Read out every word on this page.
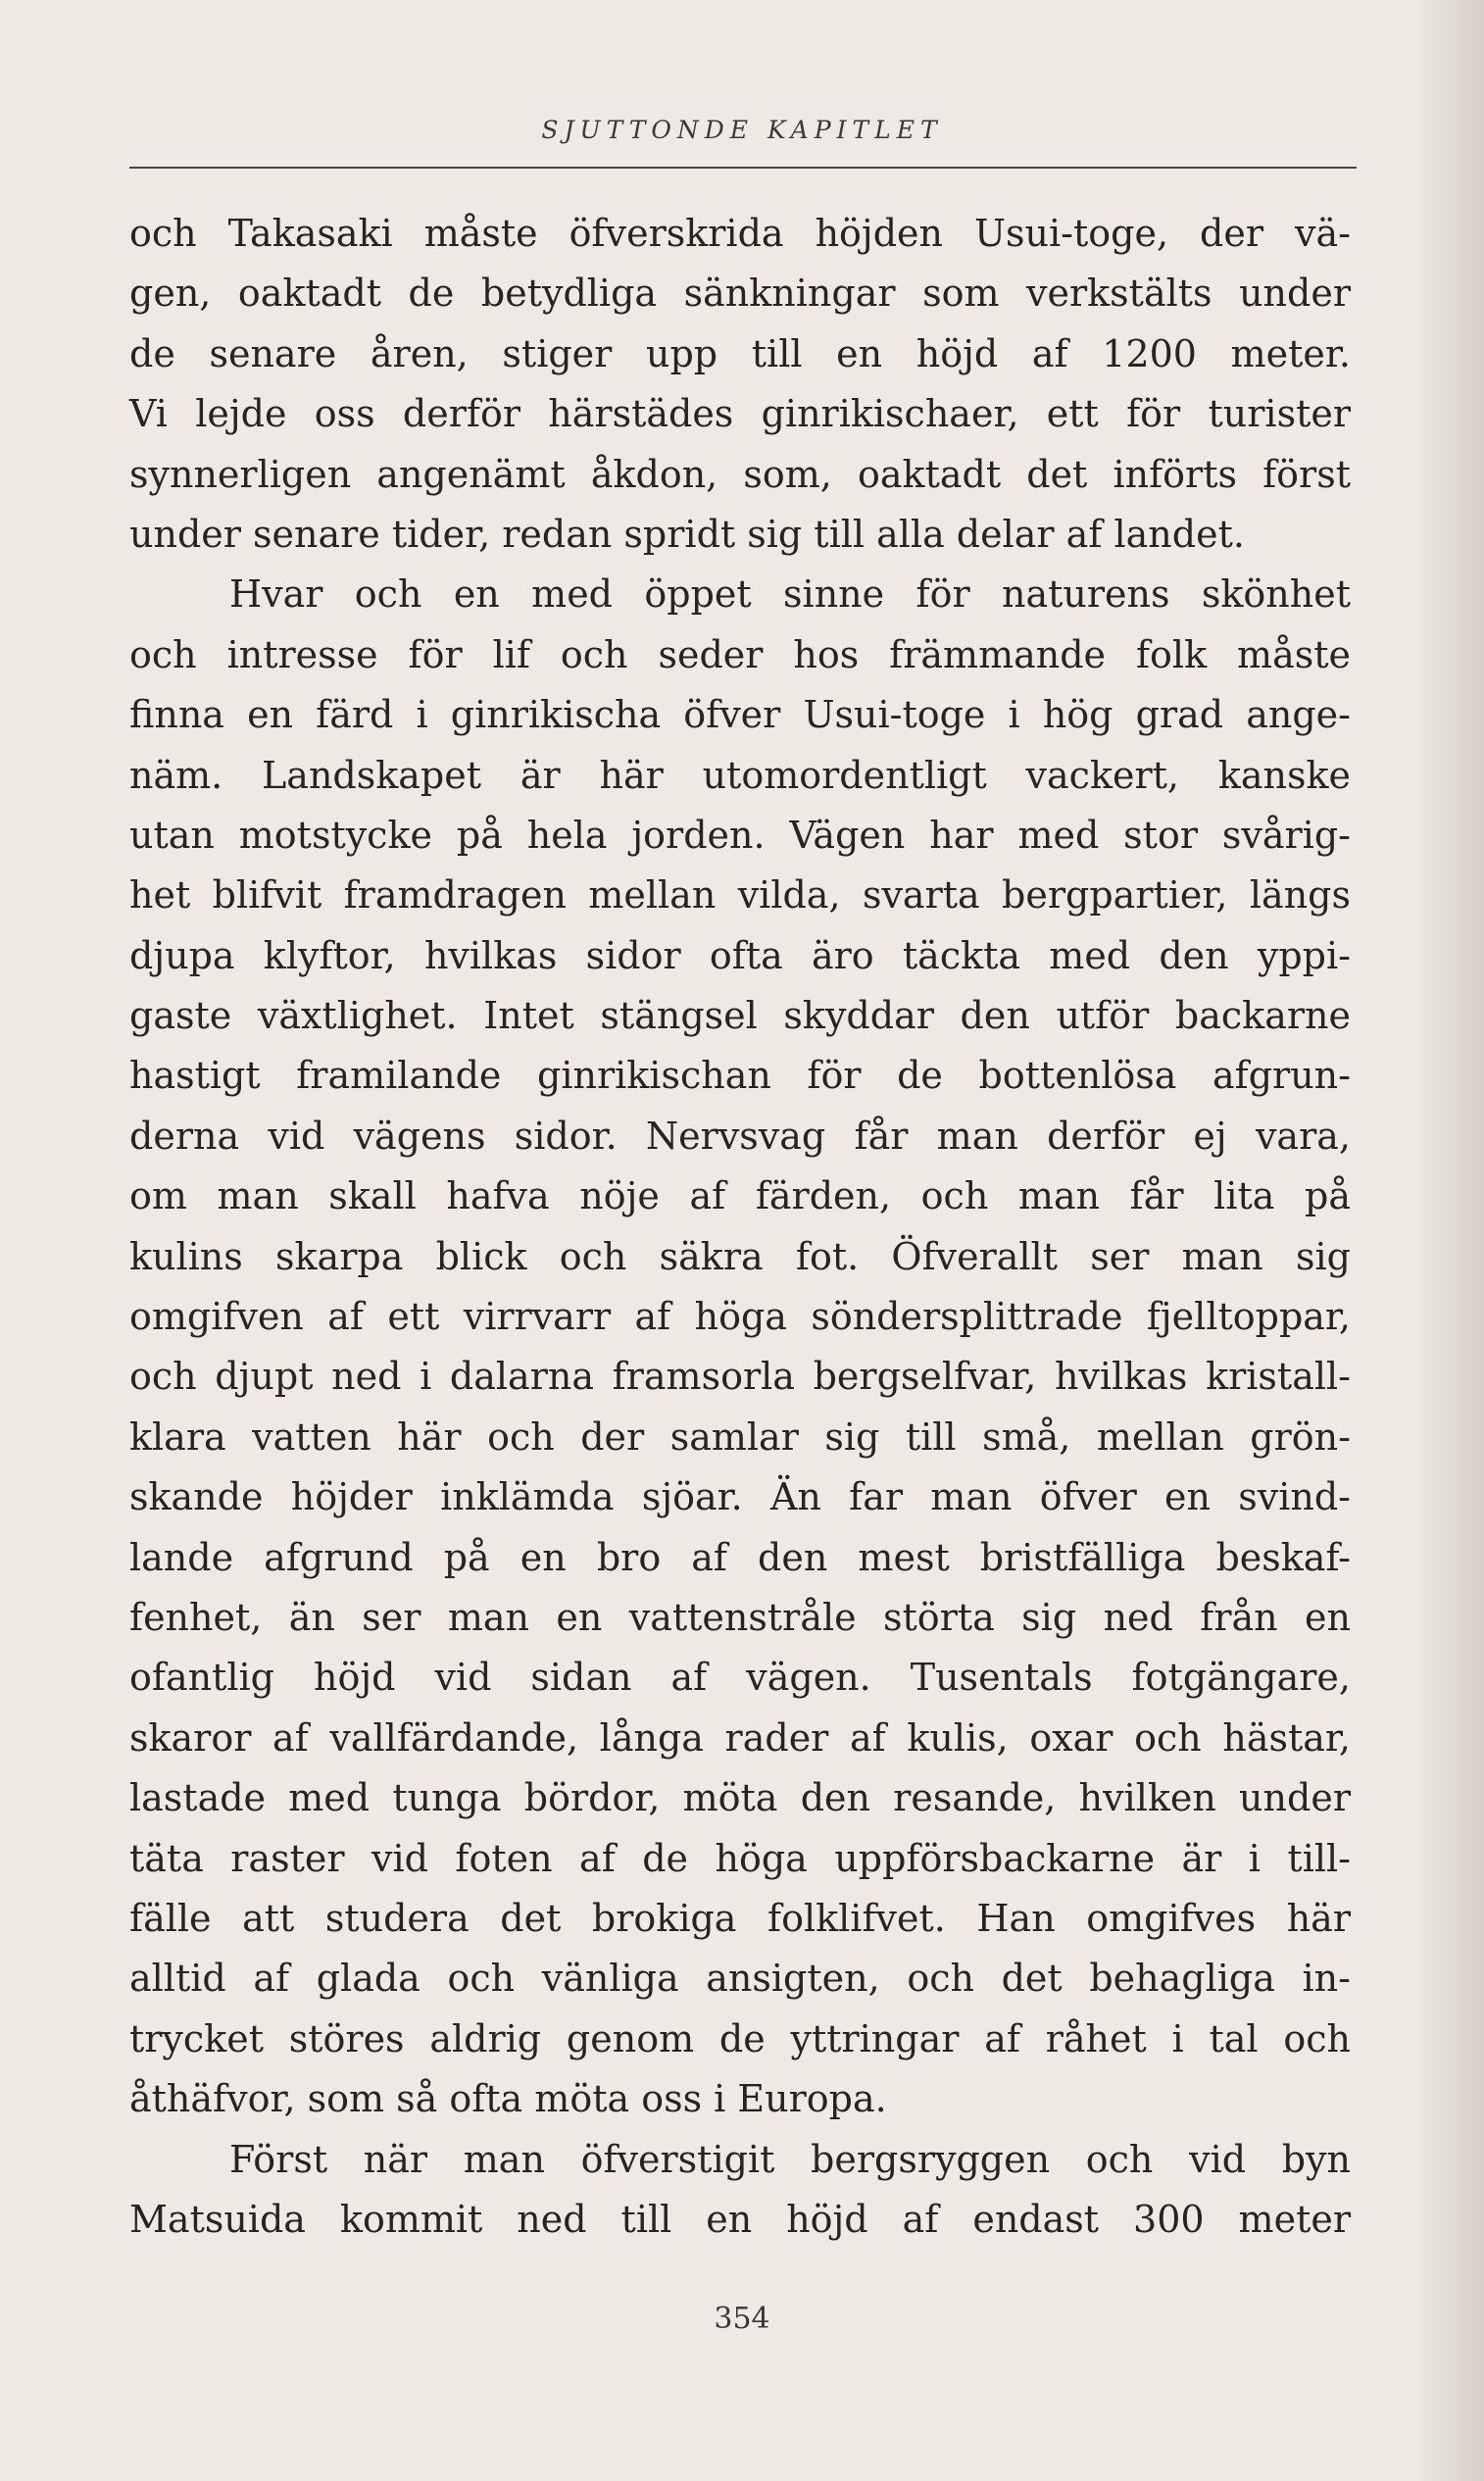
SJUTTONDE KAPITLET
och Takasaki måste öfverskrida höjden Usui-toge, der vä-
gen, oaktadt de betydliga sänkningar som verkstälts under
de senare åren, stiger upp till en höjd af 1200 meter.
Vi lejde oss derför härstädes ginrikischaer, ett för turister
synnerligen angenämt åkdon, som, oaktadt det införts först
under senare tider, redan spridt sig till alla delar af landet.
Hvar och en med öppet sinne för naturens skönhet
och intresse för lif och seder hos främmande folk måste
finna en färd i ginrikischa öfver Usui-toge i hög grad ange-
näm. Landskapet är här utomordentligt vackert, kanske
utan motstycke på hela jorden. Vägen har med stor svårig-
het blifvit framdragen mellan vilda, svarta bergpartier, längs
djupa klyftor, hvilkas sidor ofta äro täckta med den yppi-
gaste växtlighet. Intet stängsel skyddar den utför backarne
hastigt framilande ginrikischan för de bottenlösa afgrun-
derna vid vägens sidor. Nervsvag får man derför ej vara,
om man skall hafva nöje af färden, och man får lita på
kulins skarpa blick och säkra fot. Öfverallt ser man sig
omgifven af ett virrvarr af höga söndersplittrade fjelltoppar,
och djupt ned i dalarna framsorla bergselfvar, hvilkas kristall-
klara vatten här och der samlar sig till små, mellan grön-
skande höjder inklämda sjöar. Än far man öfver en svind-
lande afgrund på en bro af den mest bristfälliga beskaf-
fenhet, än ser man en vattenstråle störta sig ned från en
ofantlig höjd vid sidan af vägen. Tusentals fotgängare,
skaror af vallfärdande, långa rader af kulis, oxar och hästar,
lastade med tunga bördor, möta den resande, hvilken under
täta raster vid foten af de höga uppförsbackarne är i till-
fälle att studera det brokiga folklifvet. Han omgifves här
alltid af glada och vänliga ansigten, och det behagliga in-
trycket störes aldrig genom de yttringar af råhet i tal och
åthäfvor, som så ofta möta oss i Europa.
Först när man öfverstigit bergsryggen och vid byn
Matsuida kommit ned till en höjd af endast 300 meter
354
